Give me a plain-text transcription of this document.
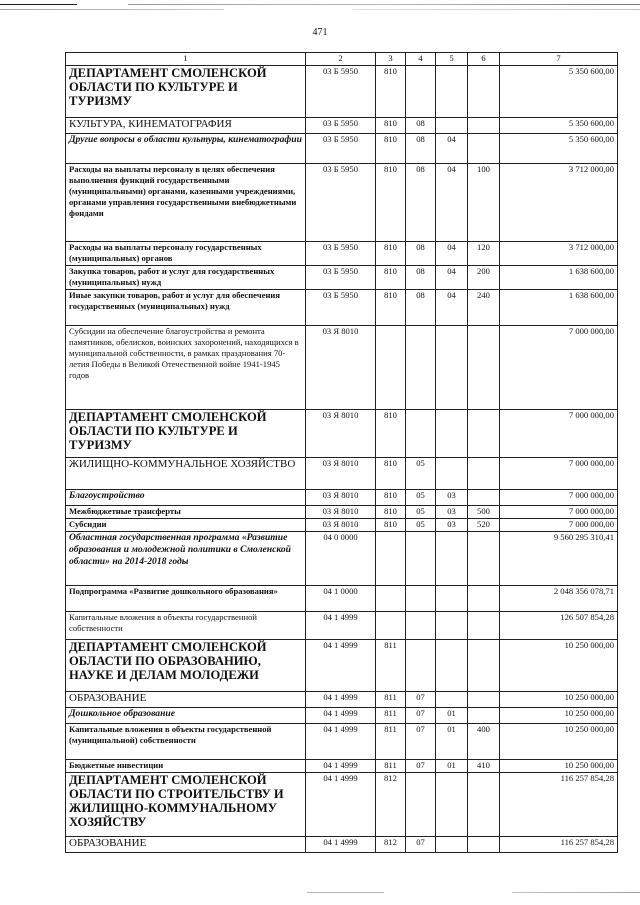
471
1	2	3	4	5	6	7
ДЕПАРТАМЕНТ СМОЛЕНСКОЙ ОБЛАСТИ ПО КУЛЬТУРЕ И ТУРИЗМУ	03 Б 5950	810				5 350 600,00
КУЛЬТУРА, КИНЕМАТОГРАФИЯ	03 Б 5950	810	08			5 350 600,00
Другие вопросы в области культуры, кинематографии	03 Б 5950	810	08	04		5 350 600,00
Расходы на выплаты персоналу в целях обеспечения выполнения функций государственными (муниципальными) органами, казенными учреждениями, органами управления государственными внебюджетными фондами	03 Б 5950	810	08	04	100	3 712 000,00
Расходы на выплаты персоналу государственных (муниципальных) органов	03 Б 5950	810	08	04	120	3 712 000,00
Закупка товаров, работ и услуг для государственных (муниципальных) нужд	03 Б 5950	810	08	04	200	1 638 600,00
Иные закупки товаров, работ и услуг для обеспечения государственных (муниципальных) нужд	03 Б 5950	810	08	04	240	1 638 600,00
Субсидии на обеспечение благоустройства и ремонта памятников, обелисков, воинских захоронений, находящихся в муниципальной собственности, в рамках празднования 70-летия Победы в Великой Отечественной войне 1941-1945 годов	03 Я 8010					7 000 000,00
ДЕПАРТАМЕНТ СМОЛЕНСКОЙ ОБЛАСТИ ПО КУЛЬТУРЕ И ТУРИЗМУ	03 Я 8010	810				7 000 000,00
ЖИЛИЩНО-КОММУНАЛЬНОЕ ХОЗЯЙСТВО	03 Я 8010	810	05			7 000 000,00
Благоустройство	03 Я 8010	810	05	03		7 000 000,00
Межбюджетные трансферты	03 Я 8010	810	05	03	500	7 000 000,00
Субсидии	03 Я 8010	810	05	03	520	7 000 000,00
Областная государственная программа «Развитие образования и молодежной политики в Смоленской области» на 2014-2018 годы	04 0 0000					9 560 295 310,41
Подпрограмма «Развитие дошкольного образования»	04 1 0000					2 048 356 078,71
Капитальные вложения в объекты государственной собственности	04 1 4999					126 507 854,28
ДЕПАРТАМЕНТ СМОЛЕНСКОЙ ОБЛАСТИ ПО ОБРАЗОВАНИЮ, НАУКЕ И ДЕЛАМ МОЛОДЕЖИ	04 1 4999	811				10 250 000,00
ОБРАЗОВАНИЕ	04 1 4999	811	07			10 250 000,00
Дошкольное образование	04 1 4999	811	07	01		10 250 000,00
Капитальные вложения в объекты государственной (муниципальной) собственности	04 1 4999	811	07	01	400	10 250 000,00
Бюджетные инвестиции	04 1 4999	811	07	01	410	10 250 000,00
ДЕПАРТАМЕНТ СМОЛЕНСКОЙ ОБЛАСТИ ПО СТРОИТЕЛЬСТВУ И ЖИЛИЩНО-КОММУНАЛЬНОМУ ХОЗЯЙСТВУ	04 1 4999	812				116 257 854,28
ОБРАЗОВАНИЕ	04 1 4999	812	07			116 257 854,28
